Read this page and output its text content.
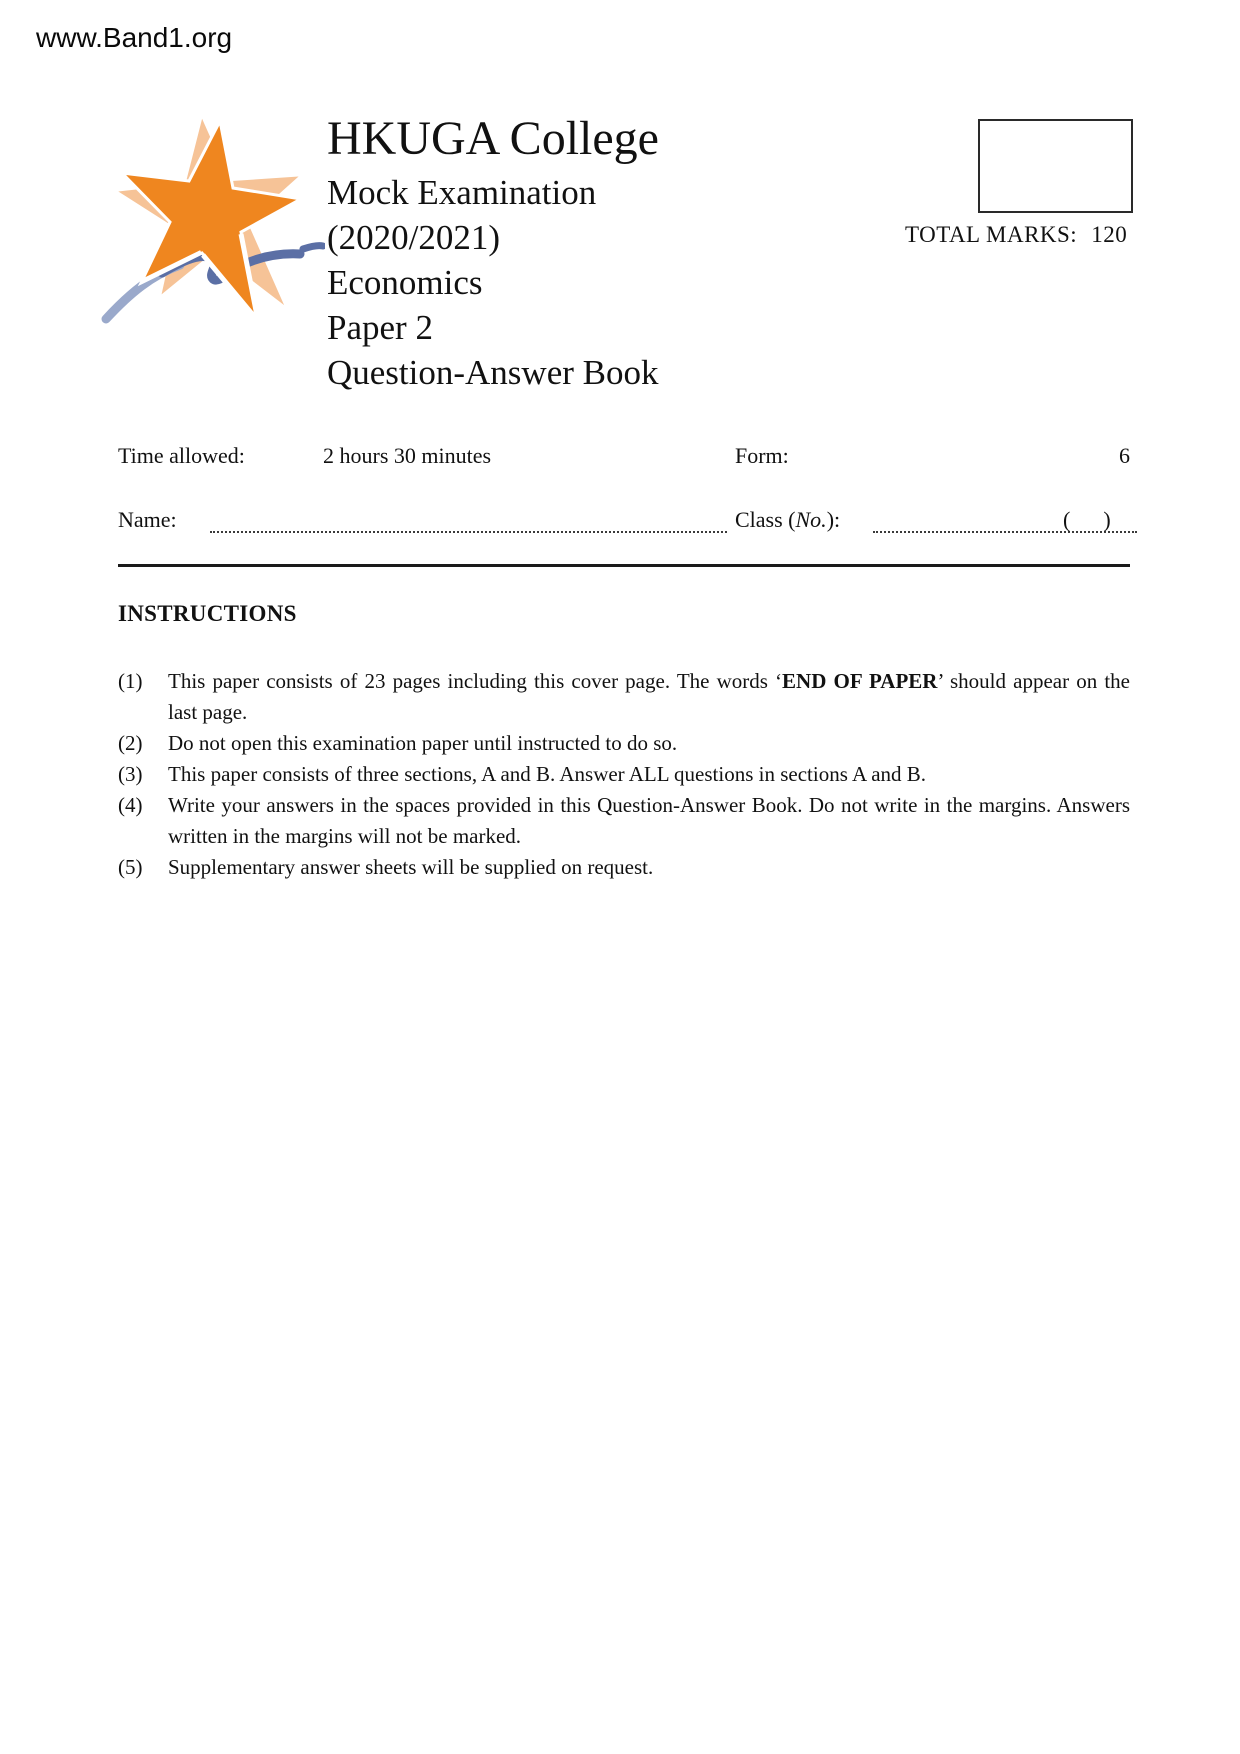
www.Band1.org
HKUGA College
Mock Examination
(2020/2021)
Economics
Paper 2
Question-Answer Book
TOTAL MARKS: 120
Time allowed:	2 hours 30 minutes	Form:	6
Name:	Class (No.):	(      )
INSTRUCTIONS
(1)	This paper consists of 23 pages including this cover page. The words ‘END OF PAPER’ should appear on the last page.
(2)	Do not open this examination paper until instructed to do so.
(3)	This paper consists of three sections, A and B. Answer ALL questions in sections A and B.
(4)	Write your answers in the spaces provided in this Question-Answer Book. Do not write in the margins. Answers written in the margins will not be marked.
(5)	Supplementary answer sheets will be supplied on request.
